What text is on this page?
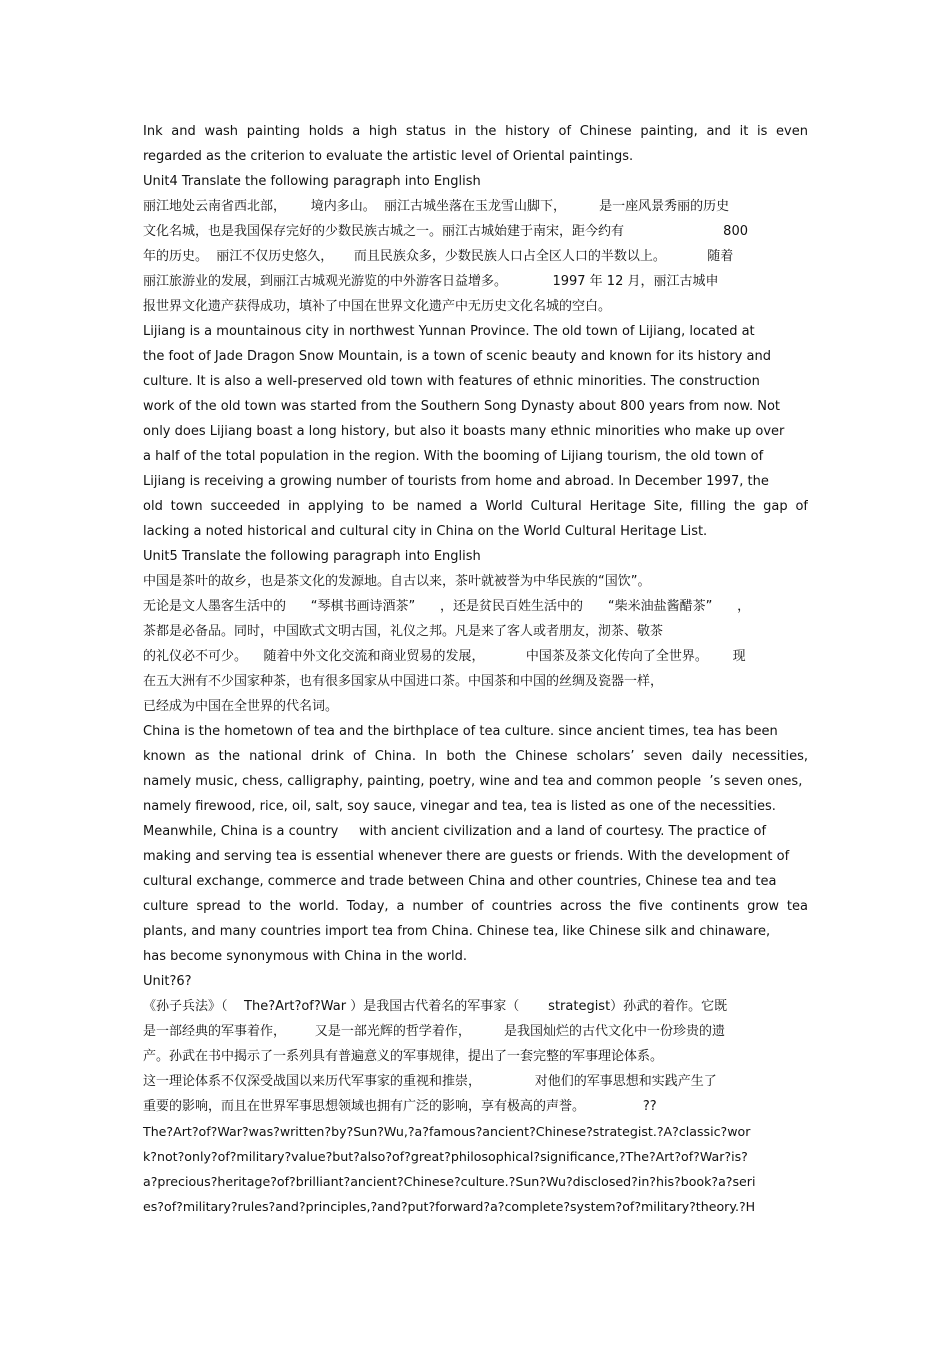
Ink and wash painting holds a high status in the history of Chinese painting, and it is even
regarded as the criterion to evaluate the artistic level of Oriental paintings.
Unit4 Translate the following paragraph into English
丽江地处云南省西北部，      境内多山。  丽江古城坐落在玉龙雪山脚下，        是一座风景秀丽的历史
文化名城，也是我国保存完好的少数民族古城之一。丽江古城始建于南宋，距今约有                        800
年的历史。  丽江不仅历史悠久，     而且民族众多，少数民族人口占全区人口的半数以上。          随着
丽江旅游业的发展，到丽江古城观光游览的中外游客日益增多。           1997 年 12 月，丽江古城申
报世界文化遗产获得成功，填补了中国在世界文化遗产中无历史文化名城的空白。
Lijiang is a mountainous city in northwest Yunnan Province. The old town of Lijiang, located at
the foot of Jade Dragon Snow Mountain, is a town of scenic beauty and known for its history and
culture. It is also a well-preserved old town with features of ethnic minorities. The construction
work of the old town was started from the Southern Song Dynasty about 800 years from now. Not
only does Lijiang boast a long history, but also it boasts many ethnic minorities who make up over
a half of the total population in the region. With the booming of Lijiang tourism, the old town of
Lijiang is receiving a growing number of tourists from home and abroad. In December 1997, the
old town succeeded in applying to be named a World Cultural Heritage Site, filling the gap of
lacking a noted historical and cultural city in China on the World Cultural Heritage List.
Unit5 Translate the following paragraph into English
中国是茶叶的故乡，也是茶文化的发源地。自古以来，茶叶就被誉为中华民族的“国饮”。
无论是文人墨客生活中的      “琴棋书画诗酒茶”      ，还是贫民百姓生活中的      “柴米油盐酱醋茶”      ，
茶都是必备品。同时，中国欧式文明古国，礼仪之邦。凡是来了客人或者朋友，沏茶、敬茶
的礼仪必不可少。    随着中外文化交流和商业贸易的发展，          中国茶及茶文化传向了全世界。      现
在五大洲有不少国家种茶，也有很多国家从中国进口茶。中国茶和中国的丝绸及瓷器一样，
已经成为中国在全世界的代名词。
China is the hometown of tea and the birthplace of tea culture. since ancient times, tea has been
known as the national drink of China. In both the Chinese scholars’ seven daily necessities,
namely music, chess, calligraphy, painting, poetry, wine and tea and common people  ’s seven ones,
namely firewood, rice, oil, salt, soy sauce, vinegar and tea, tea is listed as one of the necessities.
Meanwhile, China is a country     with ancient civilization and a land of courtesy. The practice of
making and serving tea is essential whenever there are guests or friends. With the development of
cultural exchange, commerce and trade between China and other countries, Chinese tea and tea
culture spread to the world. Today, a number of countries across the five continents grow tea
plants, and many countries import tea from China. Chinese tea, like Chinese silk and chinaware,
has become synonymous with China in the world.
Unit?6?
《孙子兵法》（    The?Art?of?War ）是我国古代着名的军事家（       strategist）孙武的着作。它既
是一部经典的军事着作，       又是一部光辉的哲学着作，        是我国灿烂的古代文化中一份珍贵的遗
产。孙武在书中揭示了一系列具有普遍意义的军事规律，提出了一套完整的军事理论体系。
这一理论体系不仅深受战国以来历代军事家的重视和推崇，             对他们的军事思想和实践产生了
重要的影响，而且在世界军事思想领域也拥有广泛的影响，享有极高的声誉。              ??
The?Art?of?War?was?written?by?Sun?Wu,?a?famous?ancient?Chinese?strategist.?A?classic?wor
k?not?only?of?military?value?but?also?of?great?philosophical?significance,?The?Art?of?War?is?
a?precious?heritage?of?brilliant?ancient?Chinese?culture.?Sun?Wu?disclosed?in?his?book?a?seri
es?of?military?rules?and?principles,?and?put?forward?a?complete?system?of?military?theory.?H
